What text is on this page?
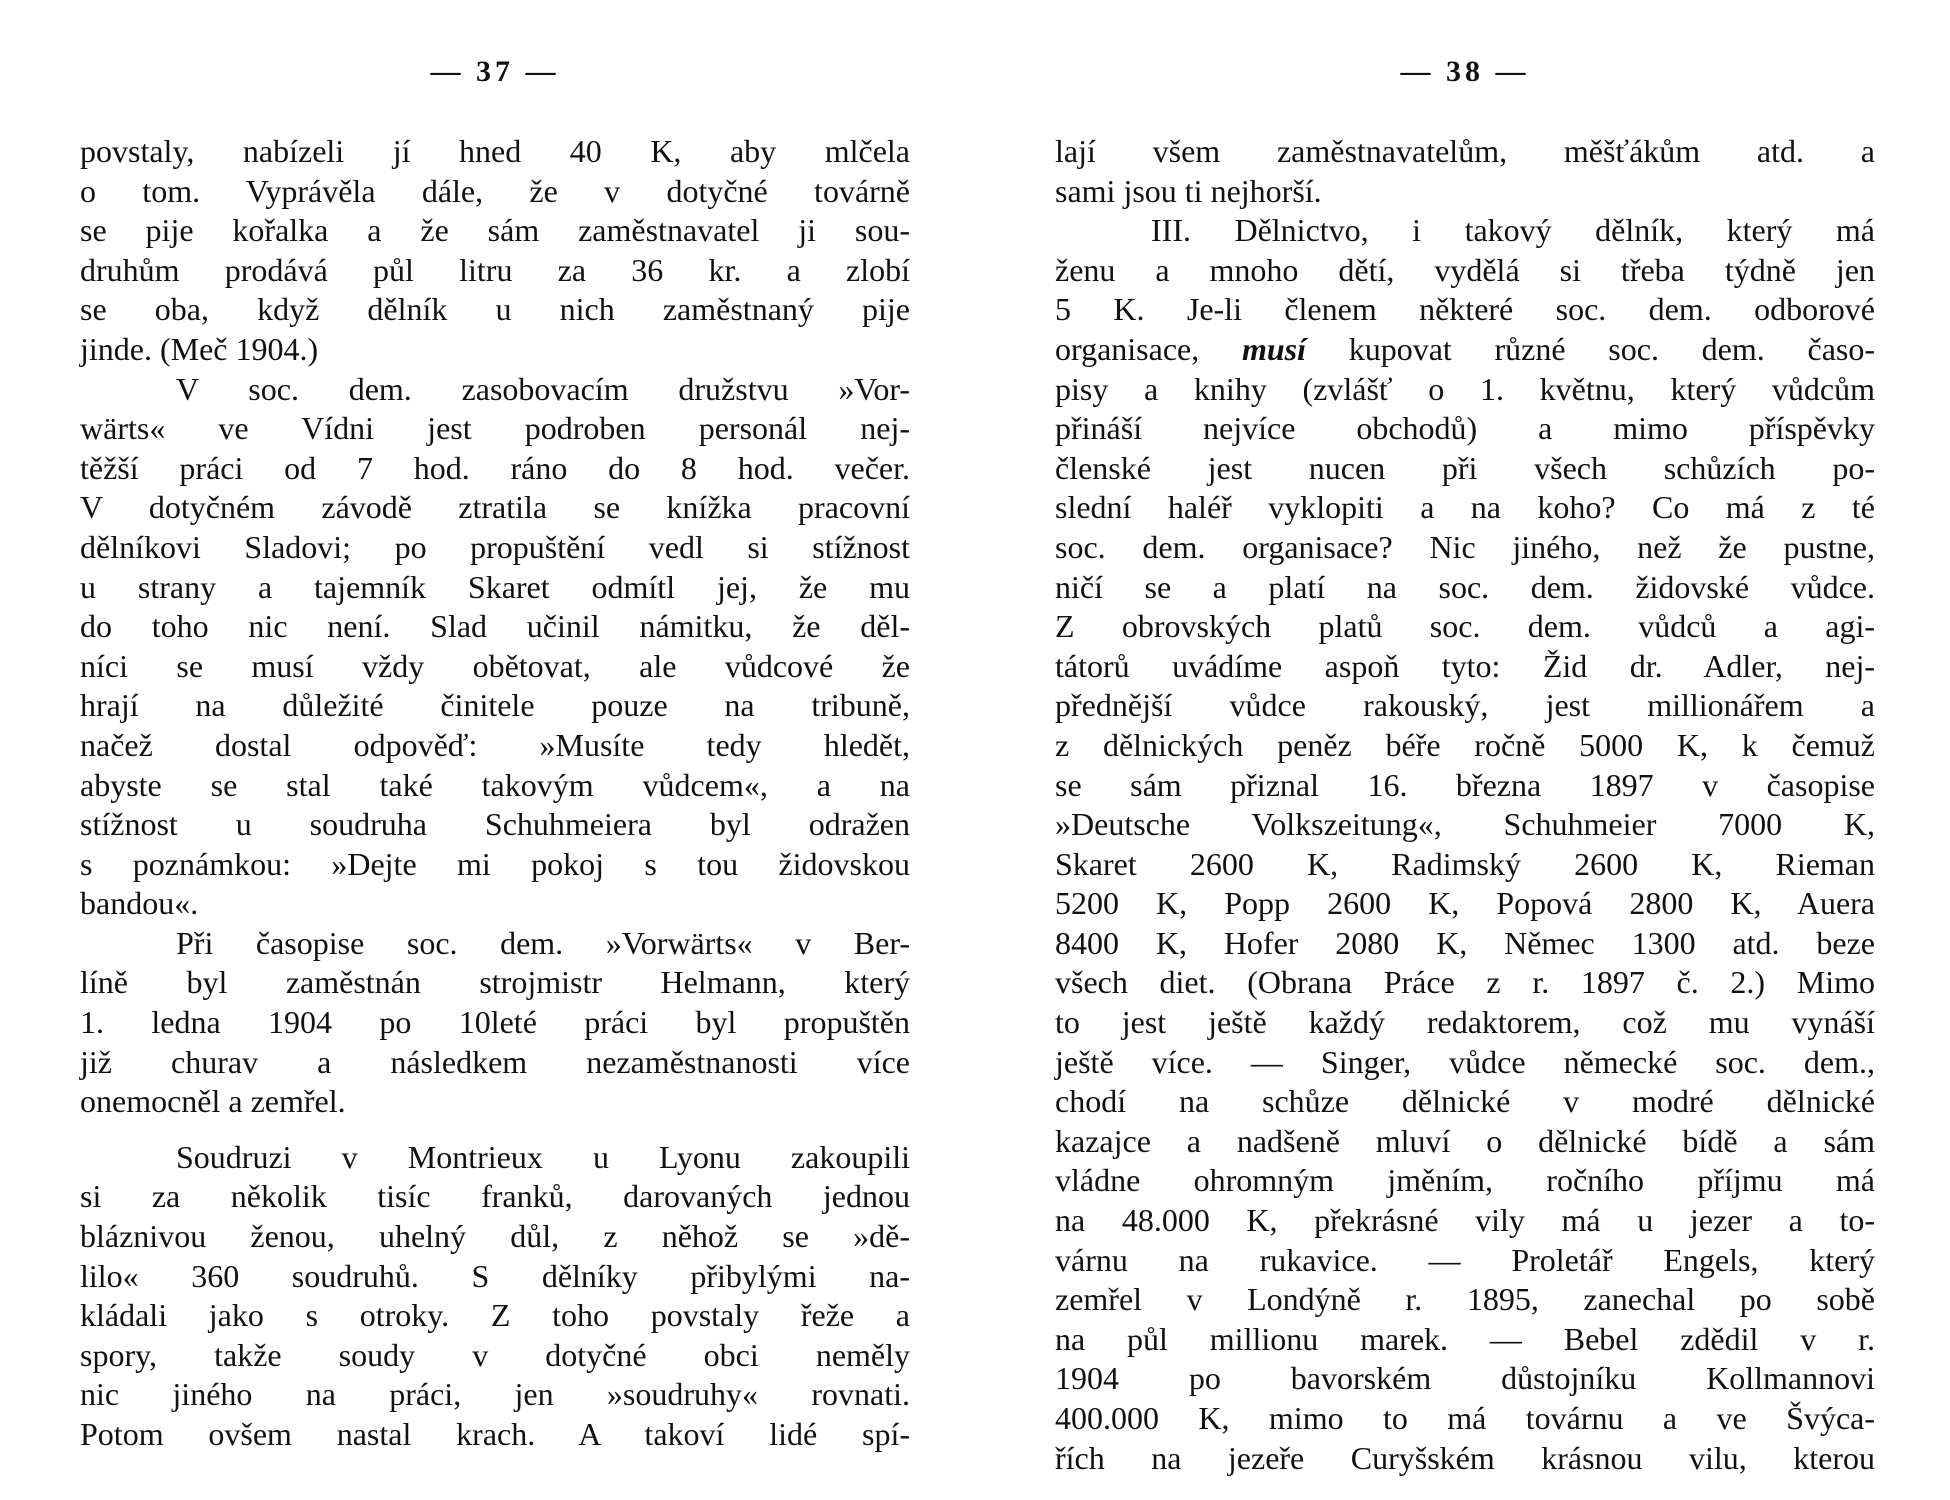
— 37 —
povstaly, nabízeli jí hned 40 K, aby mlčela
o tom. Vyprávěla dále, že v dotyčné továrně
se pije kořalka a že sám zaměstnavatel ji sou-
druhům prodává půl litru za 36 kr. a zlobí
se oba, když dělník u nich zaměstnaný pije
jinde. (Meč 1904.)
V soc. dem. zasobovacím družstvu »Vor-
wärts« ve Vídni jest podroben personál nej-
těžší práci od 7 hod. ráno do 8 hod. večer.
V dotyčném závodě ztratila se knížka pracovní
dělníkovi Sladovi; po propuštění vedl si stížnost
u strany a tajemník Skaret odmítl jej, že mu
do toho nic není. Slad učinil námitku, že děl-
níci se musí vždy obětovat, ale vůdcové že
hrají na důležité činitele pouze na tribuně,
načež dostal odpověď: »Musíte tedy hledět,
abyste se stal také takovým vůdcem«, a na
stížnost u soudruha Schuhmeiera byl odražen
s poznámkou: »Dejte mi pokoj s tou židovskou
bandou«.
Při časopise soc. dem. »Vorwärts« v Ber-
líně byl zaměstnán strojmistr Helmann, který
1. ledna 1904 po 10leté práci byl propuštěn
již churav a následkem nezaměstnanosti více
onemocněl a zemřel.
Soudruzi v Montrieux u Lyonu zakoupili
si za několik tisíc franků, darovaných jednou
bláznivou ženou, uhelný důl, z něhož se »dě-
lilo« 360 soudruhů. S dělníky přibylými na-
kládali jako s otroky. Z toho povstaly řeže a
spory, takže soudy v dotyčné obci neměly
nic jiného na práci, jen »soudruhy« rovnati.
Potom ovšem nastal krach. A takoví lidé spí-
— 38 —
lají všem zaměstnavatelům, měšťákům atd. a
sami jsou ti nejhorší.
III. Dělnictvo, i takový dělník, který má
ženu a mnoho dětí, vydělá si třeba týdně jen
5 K. Je-li členem některé soc. dem. odborové
organisace, musí kupovat různé soc. dem. časo-
pisy a knihy (zvlášť o 1. květnu, který vůdcům
přináší nejvíce obchodů) a mimo příspěvky
členské jest nucen při všech schůzích po-
slední haléř vyklopiti a na koho? Co má z té
soc. dem. organisace? Nic jiného, než že pustne,
ničí se a platí na soc. dem. židovské vůdce.
Z obrovských platů soc. dem. vůdců a agi-
tátorů uvádíme aspoň tyto: Žid dr. Adler, nej-
přednější vůdce rakouský, jest millionářem a
z dělnických peněz béře ročně 5000 K, k čemuž
se sám přiznal 16. března 1897 v časopise
»Deutsche Volkszeitung«, Schuhmeier 7000 K,
Skaret 2600 K, Radimský 2600 K, Rieman
5200 K, Popp 2600 K, Popová 2800 K, Auera
8400 K, Hofer 2080 K, Němec 1300 atd. beze
všech diet. (Obrana Práce z r. 1897 č. 2.) Mimo
to jest ještě každý redaktorem, což mu vynáší
ještě více. — Singer, vůdce německé soc. dem.,
chodí na schůze dělnické v modré dělnické
kazajce a nadšeně mluví o dělnické bídě a sám
vládne ohromným jměním, ročního příjmu má
na 48.000 K, překrásné vily má u jezer a to-
várnu na rukavice. — Proletář Engels, který
zemřel v Londýně r. 1895, zanechal po sobě
na půl millionu marek. — Bebel zdědil v r.
1904 po bavorském důstojníku Kollmannovi
400.000 K, mimo to má továrnu a ve Švýca-
řích na jezeře Curyšském krásnou vilu, kterou
